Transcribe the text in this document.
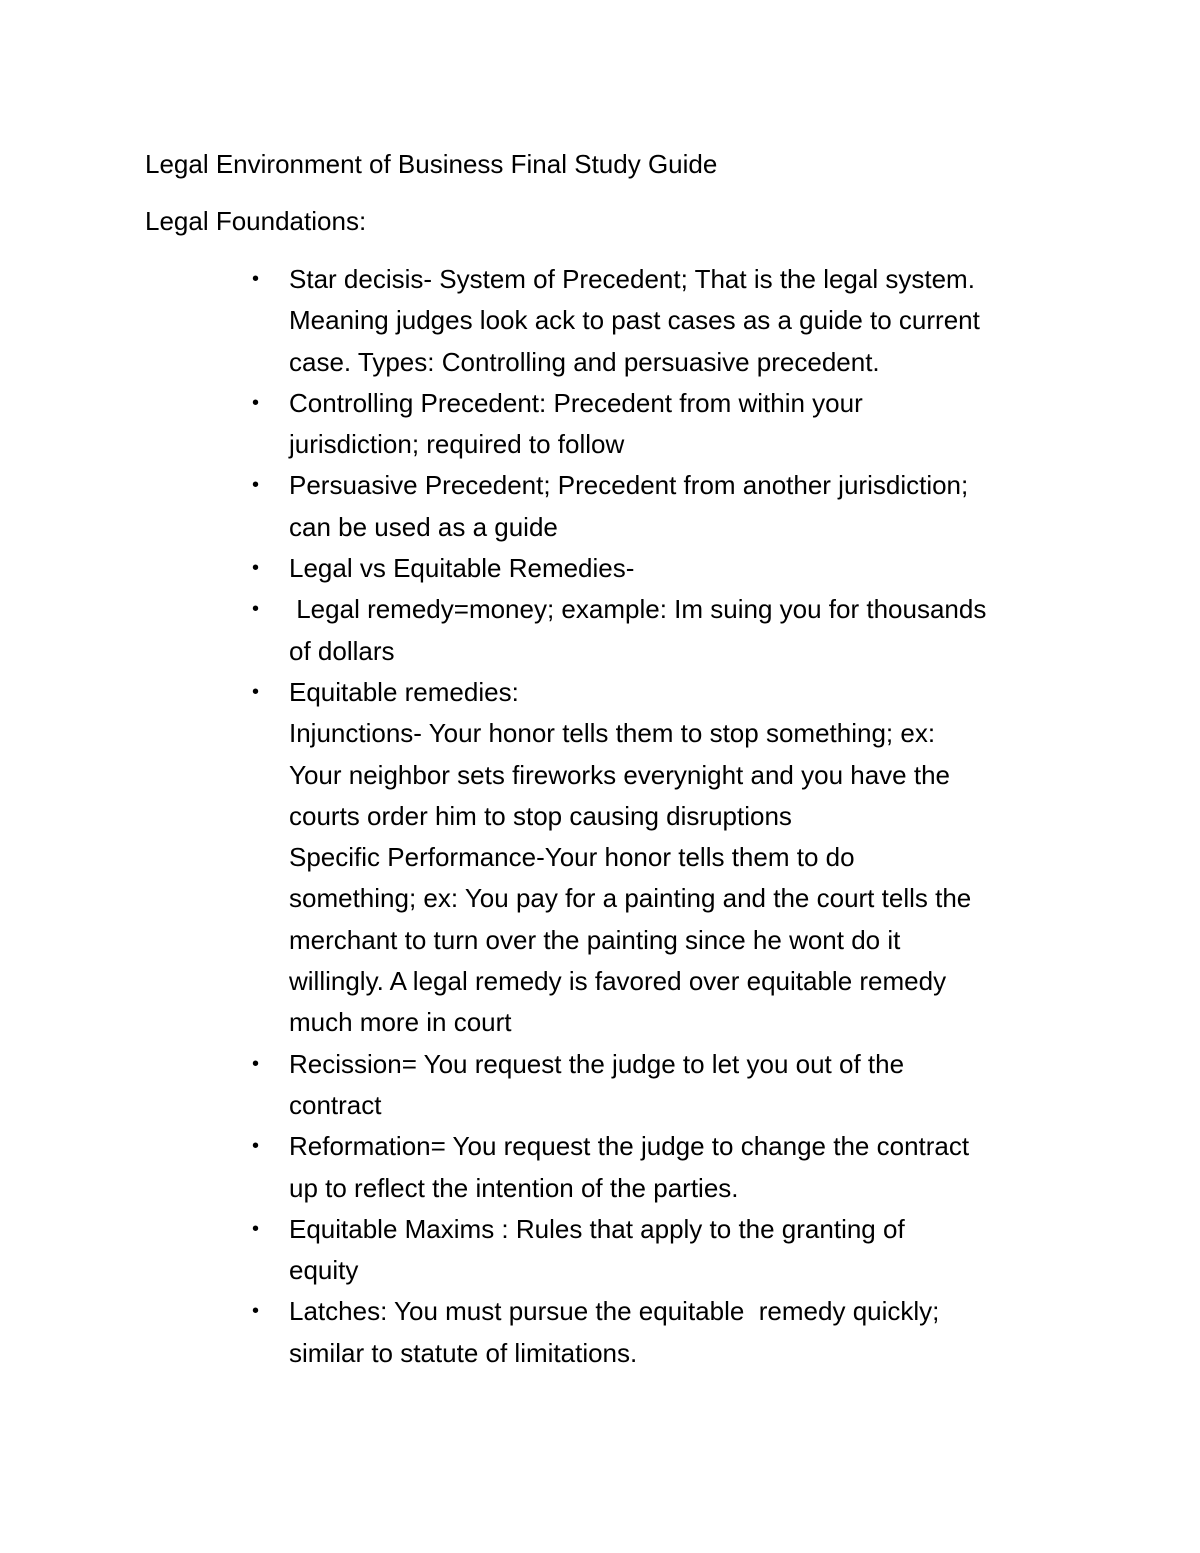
Legal Environment of Business Final Study Guide
Legal Foundations:
•	Star decisis- System of Precedent; That is the legal system.
Meaning judges look ack to past cases as a guide to current
case. Types: Controlling and persuasive precedent.
•	Controlling Precedent: Precedent from within your
jurisdiction; required to follow
•	Persuasive Precedent; Precedent from another jurisdiction;
can be used as a guide
•	Legal vs Equitable Remedies-
•	Legal remedy=money; example: Im suing you for thousands
of dollars
•	Equitable remedies:
Injunctions- Your honor tells them to stop something; ex:
Your neighbor sets fireworks everynight and you have the
courts order him to stop causing disruptions
Specific Performance-Your honor tells them to do
something; ex: You pay for a painting and the court tells the
merchant to turn over the painting since he wont do it
willingly. A legal remedy is favored over equitable remedy
much more in court
•	Recission= You request the judge to let you out of the
contract
•	Reformation= You request the judge to change the contract
up to reflect the intention of the parties.
•	Equitable Maxims : Rules that apply to the granting of
equity
•	Latches: You must pursue the equitable  remedy quickly;
similar to statute of limitations.
